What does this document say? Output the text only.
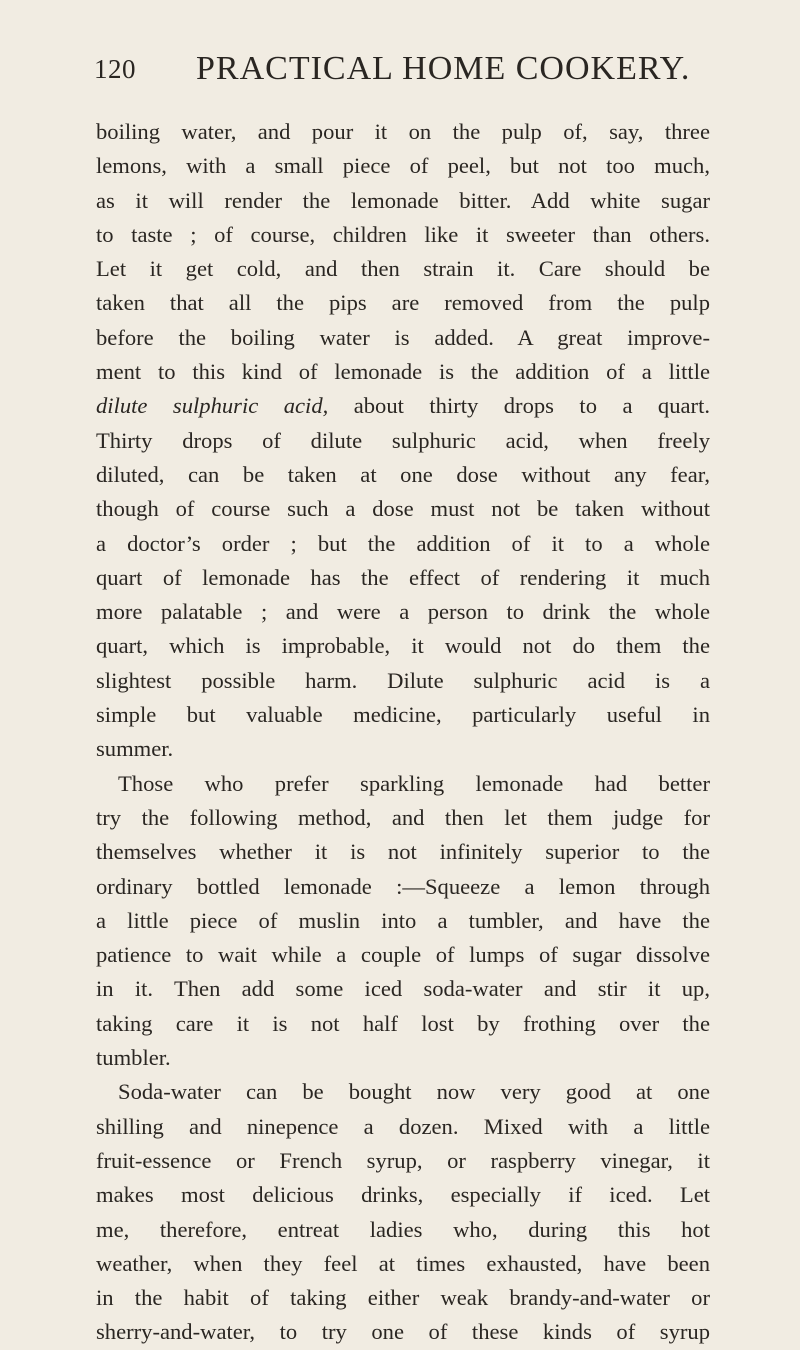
120 PRACTICAL HOME COOKERY.
boiling water, and pour it on the pulp of, say, three
lemons, with a small piece of peel, but not too much,
as it will render the lemonade bitter. Add white sugar
to taste ; of course, children like it sweeter than others.
Let it get cold, and then strain it. Care should be
taken that all the pips are removed from the pulp
before the boiling water is added. A great improve-
ment to this kind of lemonade is the addition of a little
dilute sulphuric acid, about thirty drops to a quart.
Thirty drops of dilute sulphuric acid, when freely
diluted, can be taken at one dose without any fear,
though of course such a dose must not be taken without
a doctor’s order ; but the addition of it to a whole
quart of lemonade has the effect of rendering it much
more palatable ; and were a person to drink the whole
quart, which is improbable, it would not do them the
slightest possible harm. Dilute sulphuric acid is a
simple but valuable medicine, particularly useful in
summer.
Those who prefer sparkling lemonade had better
try the following method, and then let them judge for
themselves whether it is not infinitely superior to the
ordinary bottled lemonade :—Squeeze a lemon through
a little piece of muslin into a tumbler, and have the
patience to wait while a couple of lumps of sugar dissolve
in it. Then add some iced soda-water and stir it up,
taking care it is not half lost by frothing over the
tumbler.
Soda-water can be bought now very good at one
shilling and ninepence a dozen. Mixed with a little
fruit-essence or French syrup, or raspberry vinegar, it
makes most delicious drinks, especially if iced. Let
me, therefore, entreat ladies who, during this hot
weather, when they feel at times exhausted, have been
in the habit of taking either weak brandy-and-water or
sherry-and-water, to try one of these kinds of syrup
